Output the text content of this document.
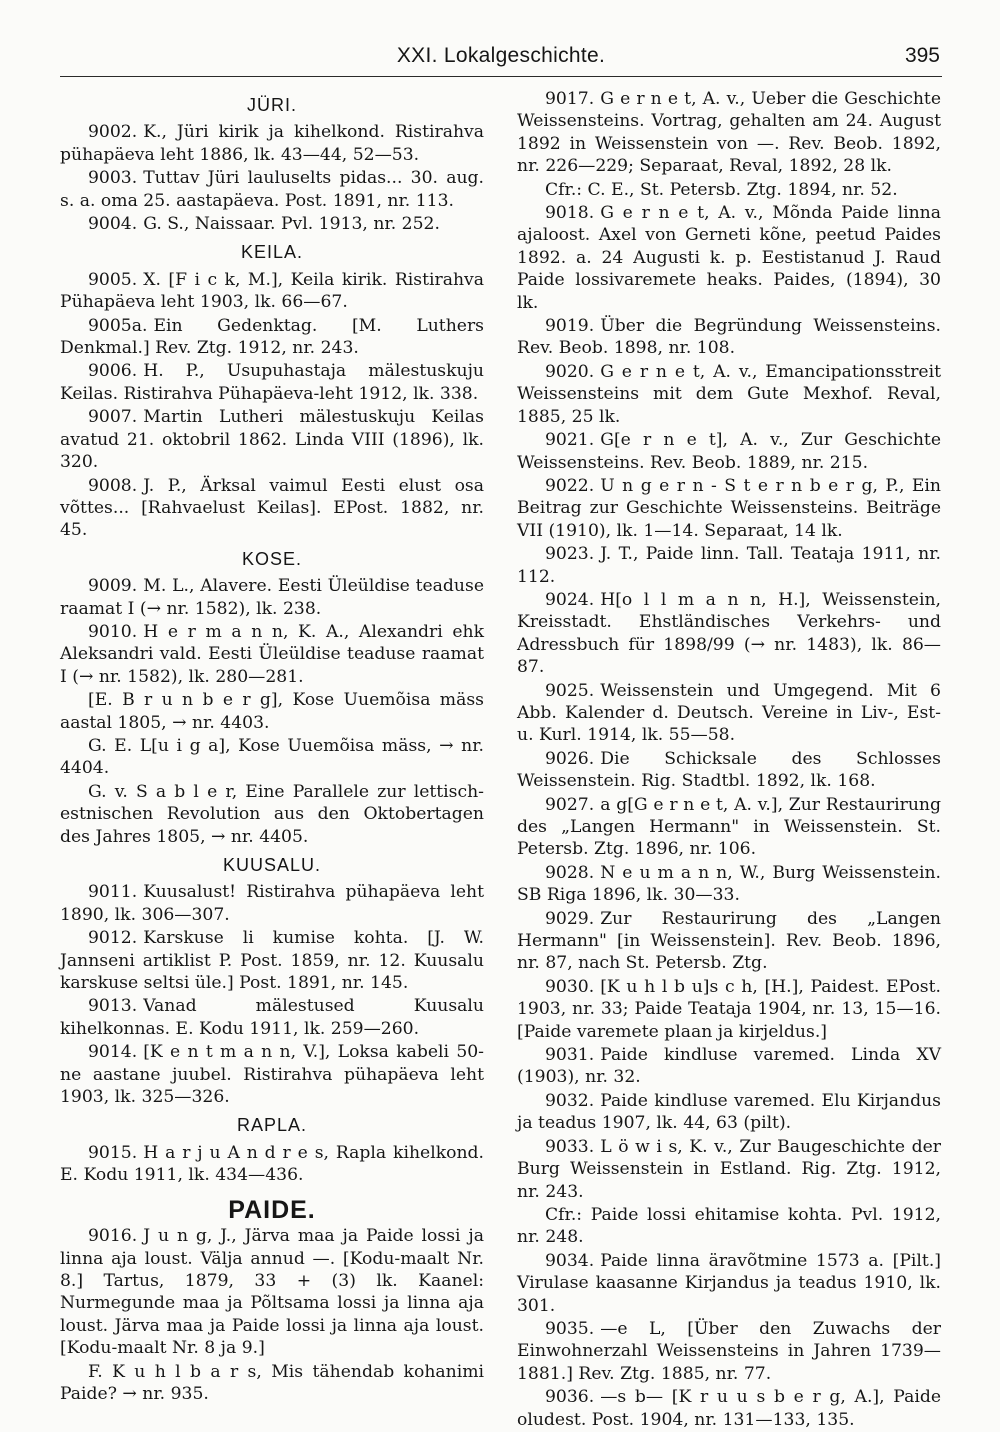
XXI. Lokalgeschichte.	395
JÜRI.

9002. K., Jüri kirik ja kihelkond. Ristirahva pühapäeva leht 1886, lk. 43—44, 52—53.

9003. Tuttav Jüri lauluselts pidas... 30. aug. s. a. oma 25. aastapäeva. Post. 1891, nr. 113.

9004. G. S., Naissaar. Pvl. 1913, nr. 252.

KEILA.

9005. X. [F i c k, M.], Keila kirik. Ristirahva Pühapäeva leht 1903, lk. 66—67.

9005a. Ein Gedenktag. [M. Luthers Denkmal.] Rev. Ztg. 1912, nr. 243.

9006. H. P., Usupuhastaja mälestuskuju Keilas. Ristirahva Pühapäeva-leht 1912, lk. 338.

9007. Martin Lutheri mälestuskuju Keilas avatud 21. oktobril 1862. Linda VIII (1896), lk. 320.

9008. J. P., Ärksal vaimul Eesti elust osa võttes... [Rahvaelust Keilas]. EPost. 1882, nr. 45.

KOSE.

9009. M. L., Alavere. Eesti Üleüldise teaduse raamat I (→ nr. 1582), lk. 238.

9010. H e r m a n n, K. A., Alexandri ehk Aleksandri vald. Eesti Üleüldise teaduse raamat I (→ nr. 1582), lk. 280—281.

[E. B r u n b e r g], Kose Uuemõisa mäss aastal 1805, → nr. 4403.

G. E. L[u i g a], Kose Uuemõisa mäss, → nr. 4404.

G. v. S a b l e r, Eine Parallele zur lettisch-estnischen Revolution aus den Oktobertagen des Jahres 1805, → nr. 4405.

KUUSALU.

9011. Kuusalust! Ristirahva pühapäeva leht 1890, lk. 306—307.

9012. Karskuse li kumise kohta. [J. W. Jannseni artiklist P. Post. 1859, nr. 12. Kuusalu karskuse seltsi üle.] Post. 1891, nr. 145.

9013. Vanad mälestused Kuusalu kihelkonnas. E. Kodu 1911, lk. 259—260.

9014. [K e n t m a n n, V.], Loksa kabeli 50-ne aastane juubel. Ristirahva pühapäeva leht 1903, lk. 325—326.

RAPLA.

9015. H a r j u A n d r e s, Rapla kihelkond. E. Kodu 1911, lk. 434—436.

PAIDE.

9016. J u n g, J., Järva maa ja Paide lossi ja linna aja loust. Välja annud —. [Kodu-maalt Nr. 8.] Tartus, 1879, 33 + (3) lk. Kaanel: Nurmegunde maa ja Põltsama lossi ja linna aja loust. Järva maa ja Paide lossi ja linna aja loust. [Kodu-maalt Nr. 8 ja 9.]

F. K u h l b a r s, Mis tähendab kohanimi Paide? → nr. 935.

9017. G e r n e t, A. v., Ueber die Geschichte Weissensteins. Vortrag, gehalten am 24. August 1892 in Weissenstein von —. Rev. Beob. 1892, nr. 226—229; Separaat, Reval, 1892, 28 lk.

Cfr.: C. E., St. Petersb. Ztg. 1894, nr. 52.

9018. G e r n e t, A. v., Mõnda Paide linna ajaloost. Axel von Gerneti kõne, peetud Paides 1892. a. 24 Augusti k. p. Eestistanud J. Raud Paide lossivaremete heaks. Paides, (1894), 30 lk.

9019. Über die Begründung Weissensteins. Rev. Beob. 1898, nr. 108.

9020. G e r n e t, A. v., Emancipationsstreit Weissensteins mit dem Gute Mexhof. Reval, 1885, 25 lk.

9021. G[e r n e t], A. v., Zur Geschichte Weissensteins. Rev. Beob. 1889, nr. 215.

9022. U n g e r n - S t e r n b e r g, P., Ein Beitrag zur Geschichte Weissensteins. Beiträge VII (1910), lk. 1—14. Separaat, 14 lk.

9023. J. T., Paide linn. Tall. Teataja 1911, nr. 112.

9024. H[o l l m a n n, H.], Weissenstein, Kreisstadt. Ehstländisches Verkehrs- und Adressbuch für 1898/99 (→ nr. 1483), lk. 86—87.

9025. Weissenstein und Umgegend. Mit 6 Abb. Kalender d. Deutsch. Vereine in Liv-, Est- u. Kurl. 1914, lk. 55—58.

9026. Die Schicksale des Schlosses Weissenstein. Rig. Stadtbl. 1892, lk. 168.

9027. a g[G e r n e t, A. v.], Zur Restaurirung des „Langen Hermann" in Weissenstein. St. Petersb. Ztg. 1896, nr. 106.

9028. N e u m a n n, W., Burg Weissenstein. SB Riga 1896, lk. 30—33.

9029. Zur Restaurirung des „Langen Hermann" [in Weissenstein]. Rev. Beob. 1896, nr. 87, nach St. Petersb. Ztg.

9030. [K u h l b u]s c h, [H.], Paidest. EPost. 1903, nr. 33; Paide Teataja 1904, nr. 13, 15—16. [Paide varemete plaan ja kirjeldus.]

9031. Paide kindluse varemed. Linda XV (1903), nr. 32.

9032. Paide kindluse varemed. Elu Kirjandus ja teadus 1907, lk. 44, 63 (pilt).

9033. L ö w i s, K. v., Zur Baugeschichte der Burg Weissenstein in Estland. Rig. Ztg. 1912, nr. 243.

Cfr.: Paide lossi ehitamise kohta. Pvl. 1912, nr. 248.

9034. Paide linna äravõtmine 1573 a. [Pilt.] Virulase kaasanne Kirjandus ja teadus 1910, lk. 301.

9035. —e L, [Über den Zuwachs der Einwohnerzahl Weissensteins in Jahren 1739—1881.] Rev. Ztg. 1885, nr. 77.

9036. —s b— [K r u u s b e r g, A.], Paide oludest. Post. 1904, nr. 131—133, 135.
